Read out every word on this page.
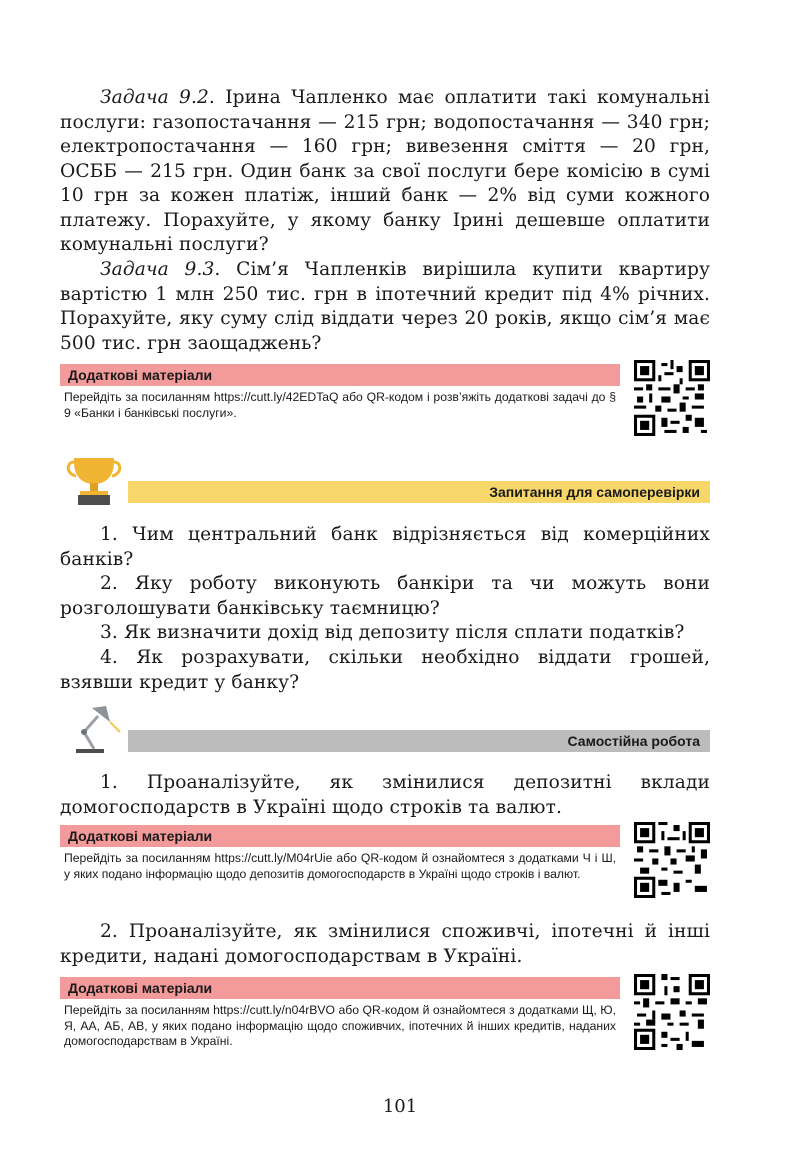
Задача 9.2. Ірина Чапленко має оплатити такі комунальні послуги: газопостачання — 215 грн; водопостачання — 340 грн; електропостачання — 160 грн; вивезення сміття — 20 грн, ОСББ — 215 грн. Один банк за свої послуги бере комісію в сумі 10 грн за кожен платіж, інший банк — 2% від суми кожного платежу. Порахуйте, у якому банку Ірині дешевше оплатити комунальні послуги?
Задача 9.3. Сім’я Чапленків вирішила купити квартиру вартістю 1 млн 250 тис. грн в іпотечний кредит під 4% річних. Порахуйте, яку суму слід віддати через 20 років, якщо сім’я має 500 тис. грн заощаджень?
Додаткові матеріали
Перейдіть за посиланням https://cutt.ly/42EDTaQ або QR-кодом і розв’яжіть додаткові задачі до § 9 «Банки і банківські послуги».
Запитання для самоперевірки
1. Чим центральний банк відрізняється від комерційних банків?
2. Яку роботу виконують банкіри та чи можуть вони розголошувати банківську таємницю?
3. Як визначити дохід від депозиту після сплати податків?
4. Як розрахувати, скільки необхідно віддати грошей, взявши кредит у банку?
Самостійна робота
1. Проаналізуйте, як змінилися депозитні вклади домогосподарств в Україні щодо строків та валют.
Додаткові матеріали
Перейдіть за посиланням https://cutt.ly/M04rUie або QR-кодом й ознайомтеся з додатками Ч і Ш, у яких подано інформацію щодо депозитів домогосподарств в Україні щодо строків і валют.
2. Проаналізуйте, як змінилися споживчі, іпотечні й інші кредити, надані домогосподарствам в Україні.
Додаткові матеріали
Перейдіть за посиланням https://cutt.ly/n04rBVO або QR-кодом й ознайомтеся з додатками Щ, Ю, Я, АА, АБ, АВ, у яких подано інформацію щодо споживчих, іпотечних й інших кредитів, наданих домогосподарствам в Україні.
101
